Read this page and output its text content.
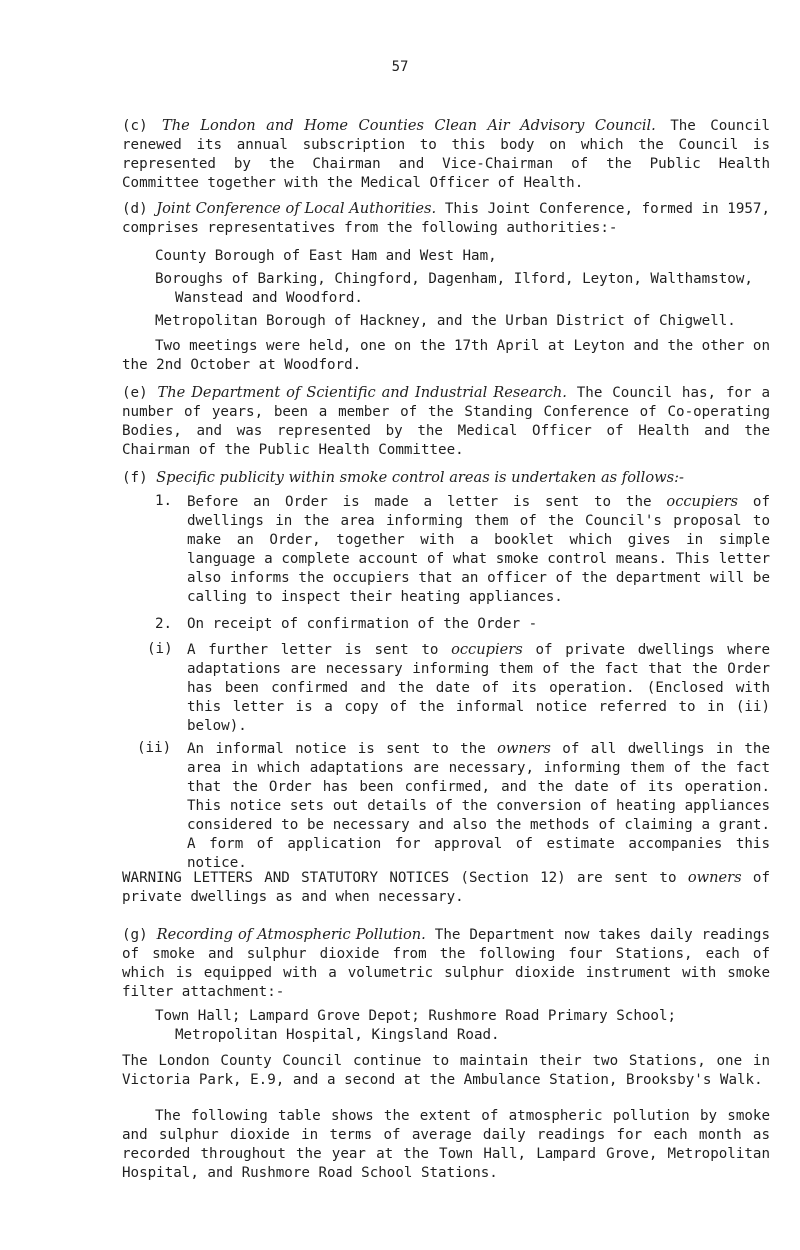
57

(c) The London and Home Counties Clean Air Advisory Council. The Council renewed its annual subscription to this body on which the Council is represented by the Chairman and Vice-Chairman of the Public Health Committee together with the Medical Officer of Health.

(d) Joint Conference of Local Authorities. This Joint Conference, formed in 1957, comprises representatives from the following authorities:-

County Borough of East Ham and West Ham,
Boroughs of Barking, Chingford, Dagenham, Ilford, Leyton, Walthamstow, Wanstead and Woodford.
Metropolitan Borough of Hackney, and the Urban District of Chigwell.

Two meetings were held, one on the 17th April at Leyton and the other on the 2nd October at Woodford.

(e) The Department of Scientific and Industrial Research. The Council has, for a number of years, been a member of the Standing Conference of Co-operating Bodies, and was represented by the Medical Officer of Health and the Chairman of the Public Health Committee.

(f) Specific publicity within smoke control areas is undertaken as follows:-

1. Before an Order is made a letter is sent to the occupiers of dwellings in the area informing them of the Council's proposal to make an Order, together with a booklet which gives in simple language a complete account of what smoke control means. This letter also informs the occupiers that an officer of the department will be calling to inspect their heating appliances.
2. On receipt of confirmation of the Order -
(i) A further letter is sent to occupiers of private dwellings where adaptations are necessary informing them of the fact that the Order has been confirmed and the date of its operation. (Enclosed with this letter is a copy of the informal notice referred to in (ii) below).
(ii) An informal notice is sent to the owners of all dwellings in the area in which adaptations are necessary, informing them of the fact that the Order has been confirmed, and the date of its operation. This notice sets out details of the conversion of heating appliances considered to be necessary and also the methods of claiming a grant. A form of application for approval of estimate accompanies this notice.

WARNING LETTERS AND STATUTORY NOTICES (Section 12) are sent to owners of private dwellings as and when necessary.

(g) Recording of Atmospheric Pollution. The Department now takes daily readings of smoke and sulphur dioxide from the following four Stations, each of which is equipped with a volumetric sulphur dioxide instrument with smoke filter attachment:-

Town Hall; Lampard Grove Depot; Rushmore Road Primary School; Metropolitan Hospital, Kingsland Road.

The London County Council continue to maintain their two Stations, one in Victoria Park, E.9, and a second at the Ambulance Station, Brooksby's Walk.

The following table shows the extent of atmospheric pollution by smoke and sulphur dioxide in terms of average daily readings for each month as recorded throughout the year at the Town Hall, Lampard Grove, Metropolitan Hospital, and Rushmore Road School Stations.
